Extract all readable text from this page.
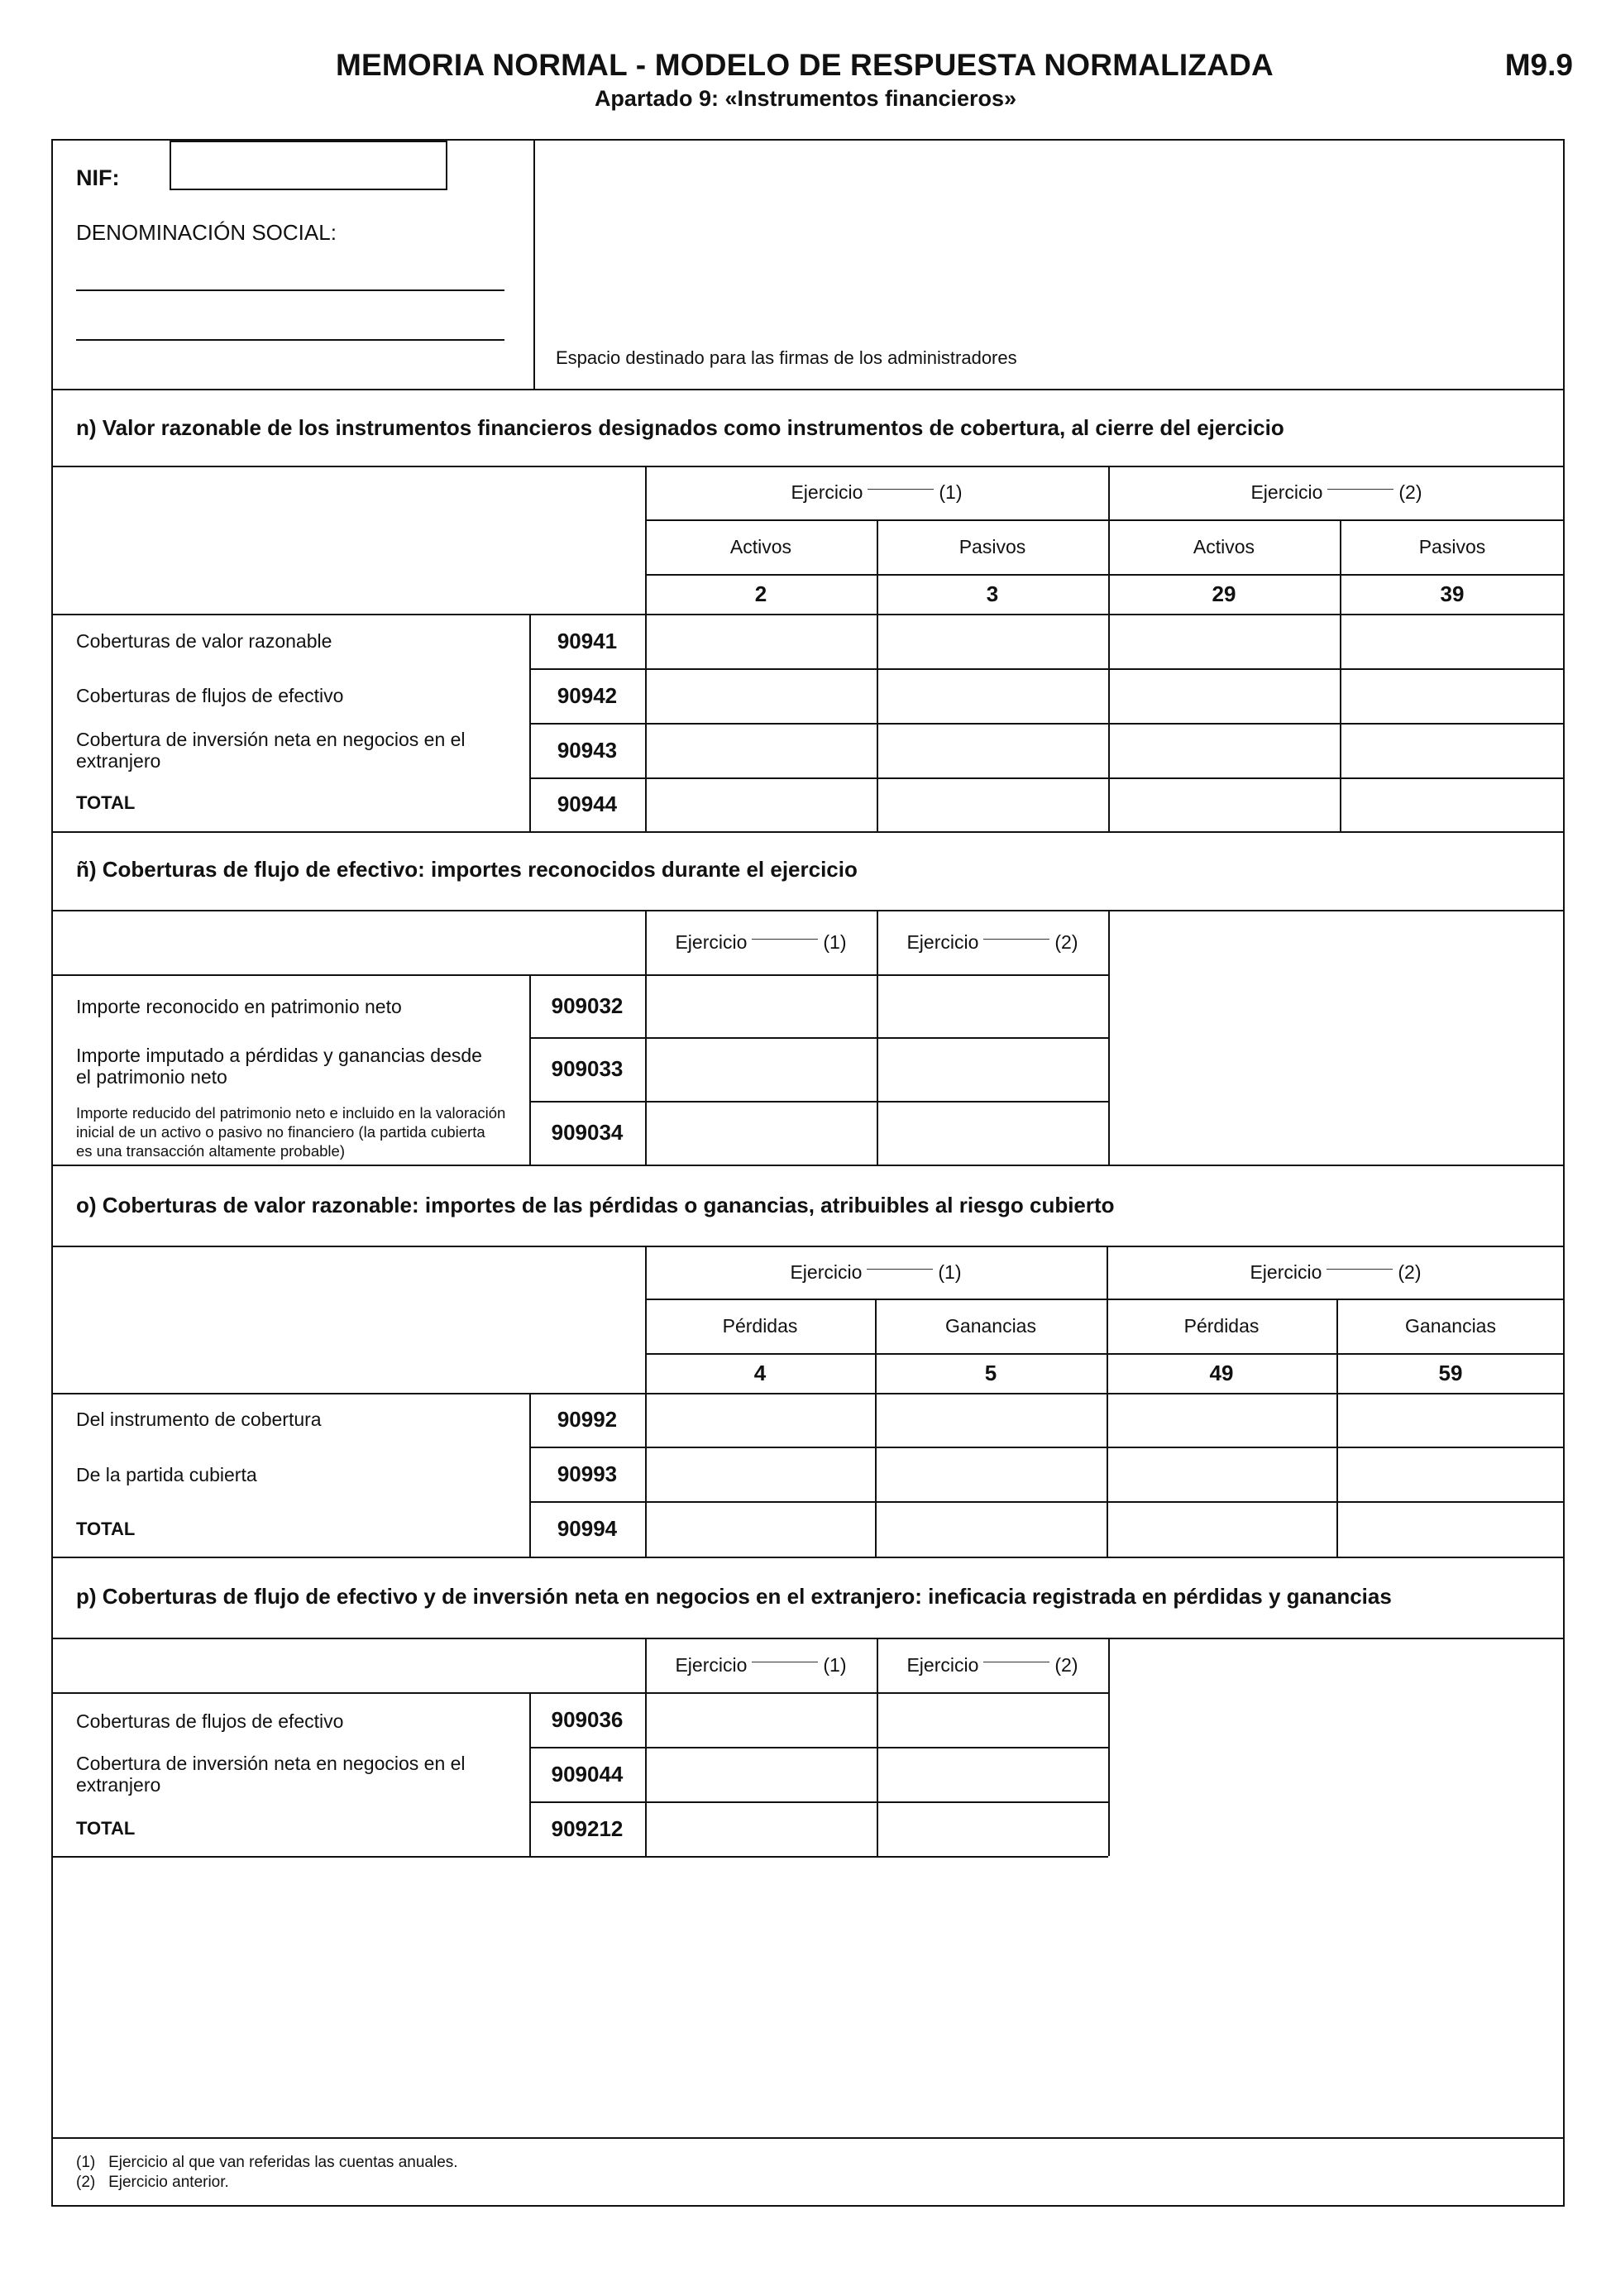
MEMORIA NORMAL - MODELO DE RESPUESTA NORMALIZADA
Apartado 9: «Instrumentos financieros»
M9.9
NIF:
DENOMINACIÓN SOCIAL:
Espacio destinado para las firmas de los administradores
n) Valor razonable de los instrumentos financieros designados como instrumentos de cobertura, al cierre del ejercicio
Ejercicio	(1)	Ejercicio	(2)
Activos	Pasivos	Activos	Pasivos
2	3	29	39
Coberturas de valor razonable	90941
Coberturas de flujos de efectivo	90942
Cobertura de inversión neta en negocios en el
extranjero	90943
TOTAL	90944
ñ) Coberturas de flujo de efectivo: importes reconocidos durante el ejercicio
Ejercicio	(1)	Ejercicio	(2)
Importe reconocido en patrimonio neto	909032
Importe imputado a pérdidas y ganancias desde
el patrimonio neto	909033
Importe reducido del patrimonio neto e incluido en la valoración
inicial de un activo o pasivo no financiero (la partida cubierta
es una transacción altamente probable)
909034
o) Coberturas de valor razonable: importes de las pérdidas o ganancias, atribuibles al riesgo cubierto
Ejercicio	(1)	Ejercicio	(2)
Pérdidas	Ganancias	Pérdidas	Ganancias
4	5	49	59
Del instrumento de cobertura	90992
De la partida cubierta	90993
TOTAL	90994
p) Coberturas de flujo de efectivo y de inversión neta en negocios en el extranjero: ineficacia registrada en pérdidas y ganancias
Ejercicio	(1)	Ejercicio	(2)
Coberturas de flujos de efectivo	909036
Cobertura de inversión neta en negocios en el
extranjero	909044
TOTAL	909212
(1) Ejercicio al que van referidas las cuentas anuales.
(2) Ejercicio anterior.
